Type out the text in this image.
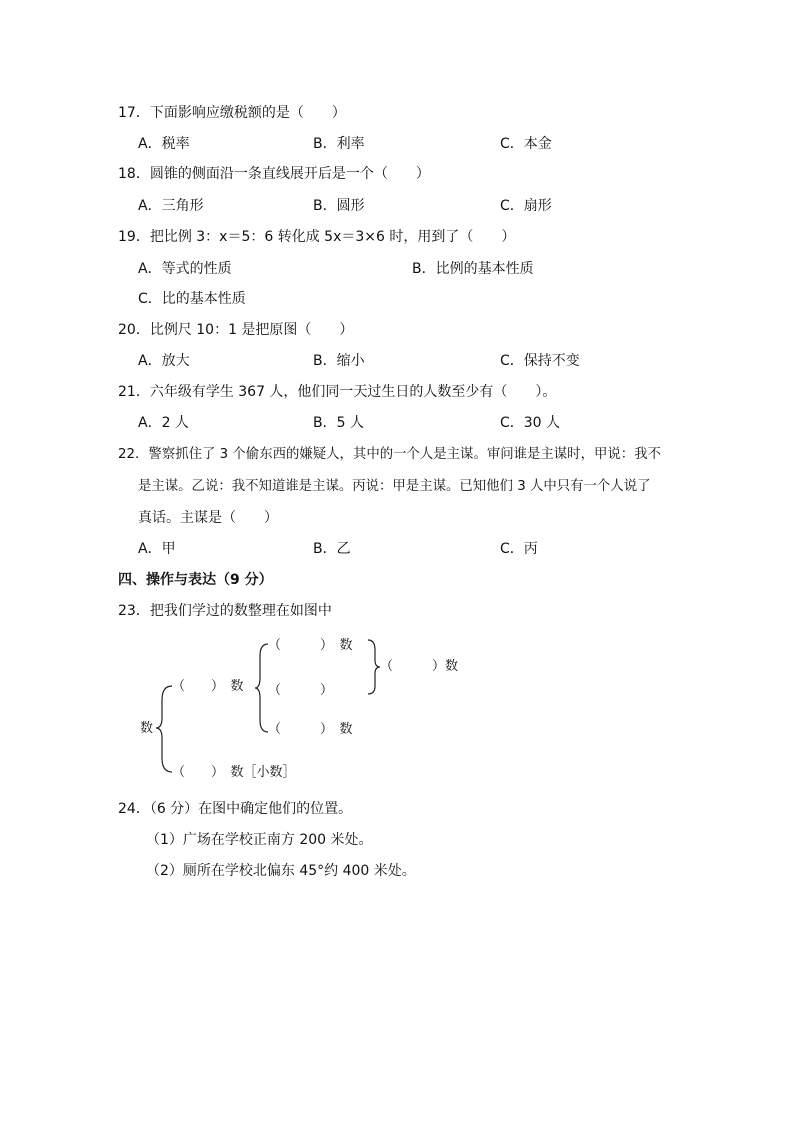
17．下面影响应缴税额的是（　　）
A．税率	B．利率	C．本金
18．圆锥的侧面沿一条直线展开后是一个（　　）
A．三角形	B．圆形	C．扇形
19．把比例 3：x＝5：6 转化成 5x＝3×6 时，用到了（　　）
A．等式的性质	B．比例的基本性质
C．比的基本性质
20．比例尺 10：1 是把原图（　　）
A．放大	B．缩小	C．保持不变
21．六年级有学生 367 人，他们同一天过生日的人数至少有（　　）。
A．2 人	B．5 人	C．30 人
22．警察抓住了 3 个偷东西的嫌疑人，其中的一个人是主谋。审问谁是主谋时，甲说：我不
是主谋。乙说：我不知道谁是主谋。丙说：甲是主谋。已知他们 3 人中只有一个人说了
真话。主谋是（　　）
A．甲	B．乙	C．丙
四、操作与表达（9 分）
23．把我们学过的数整理在如图中
数
（　　）　数
（　　）　数［小数］
（　　　）　数
（　　　）
（　　　）　数
（　　　）数
24．（6 分）在图中确定他们的位置。
（1）广场在学校正南方 200 米处。
（2）厕所在学校北偏东 45°约 400 米处。
